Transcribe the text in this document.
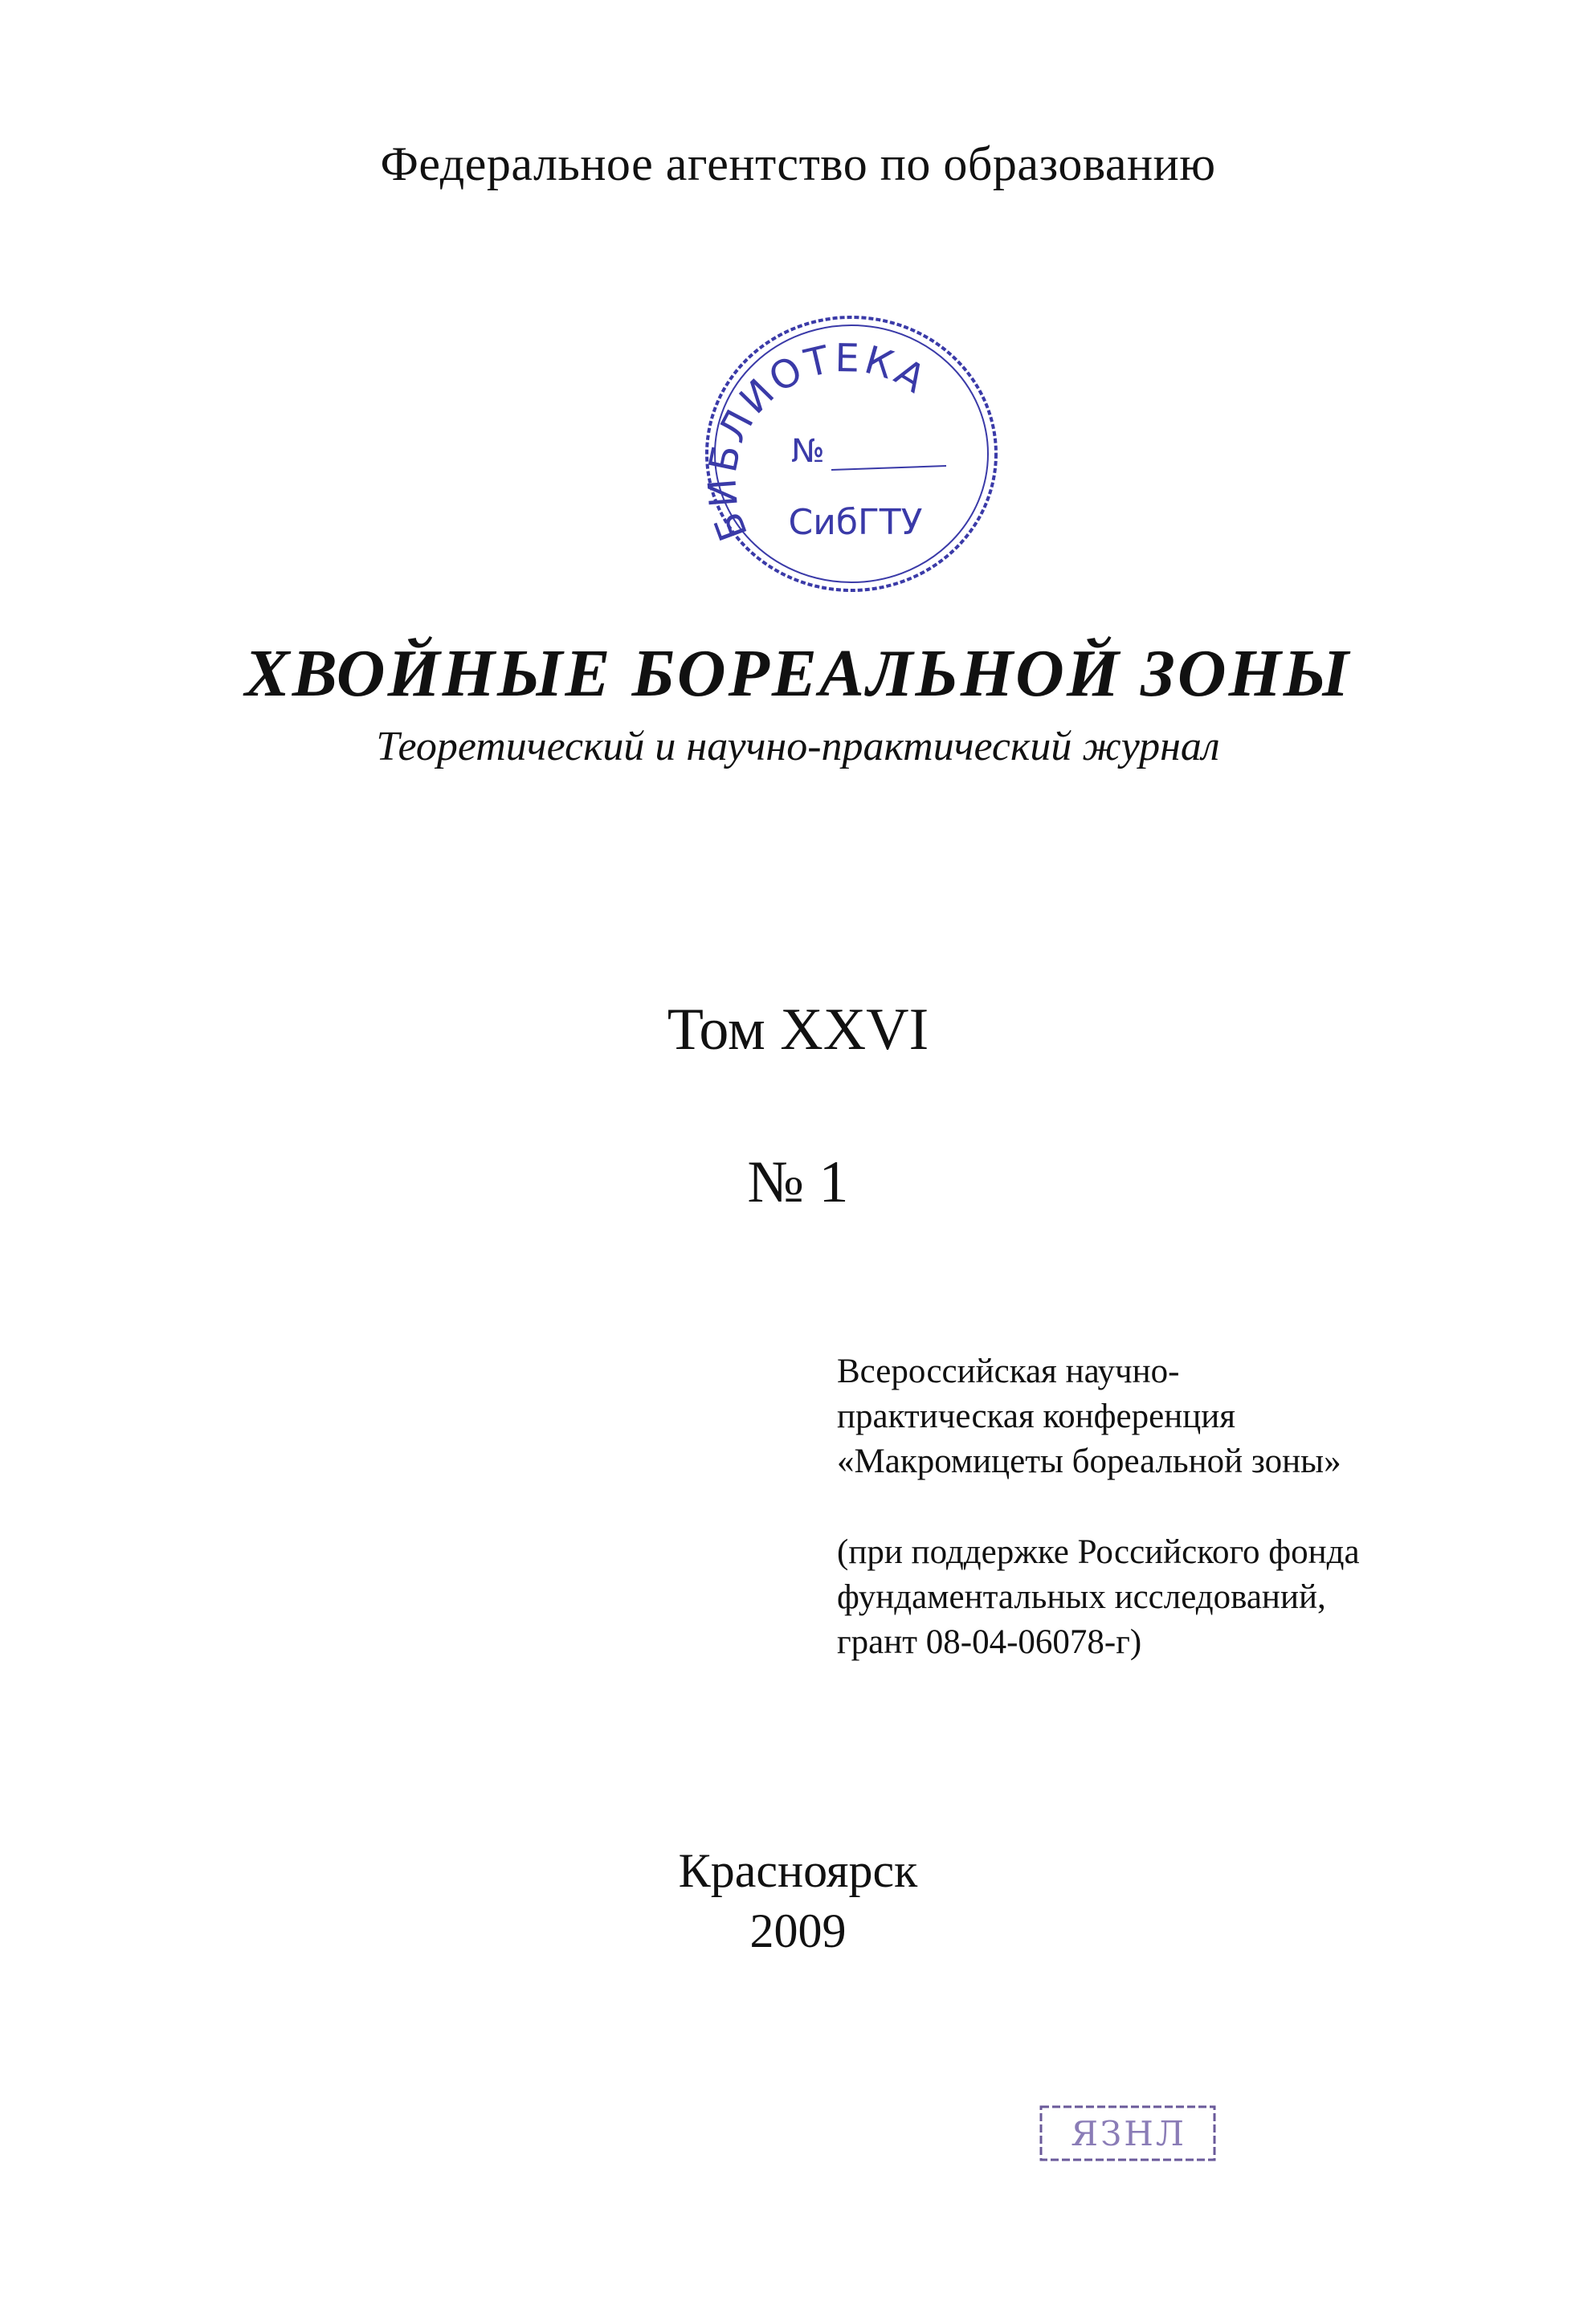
Федеральное агентство по образованию
БИБЛИОТЕКА
№
СибГТУ
ХВОЙНЫЕ БОРЕАЛЬНОЙ ЗОНЫ
Теоретический и научно-практический журнал
Том XXVI
№ 1
Всероссийская научно-
практическая конференция
«Макромицеты бореальной зоны»
(при поддержке Российского фонда
фундаментальных исследований,
грант 08-04-06078-г)
Красноярск
2009
ЯЗНЛ
